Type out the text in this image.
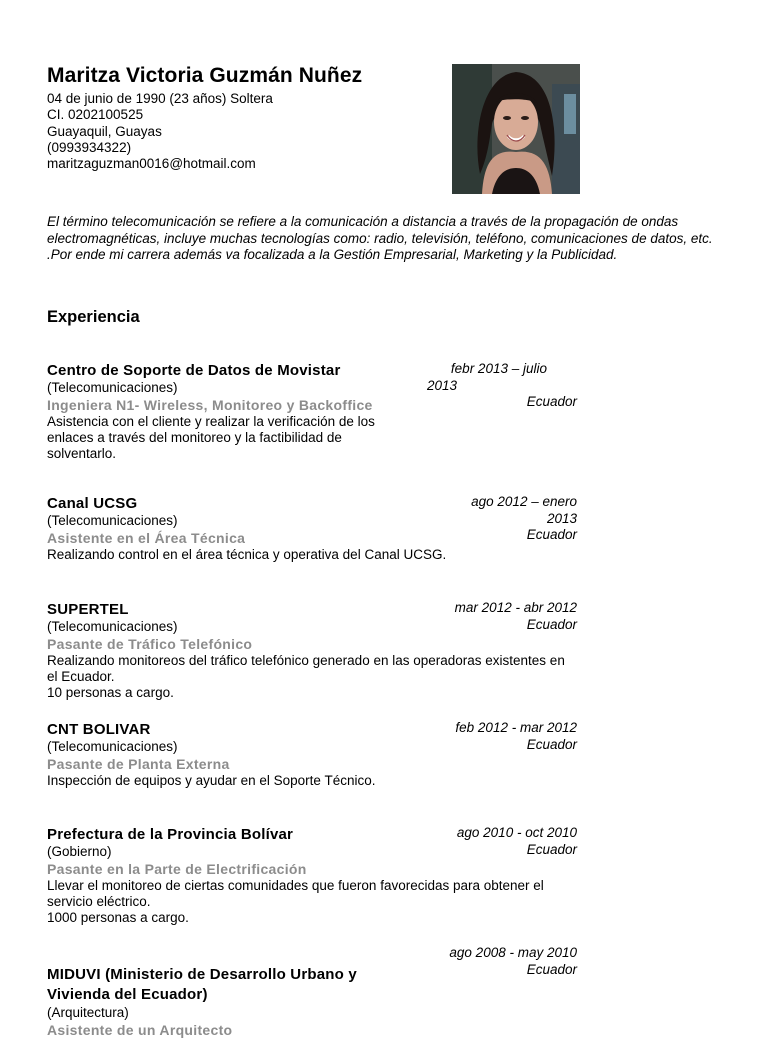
Maritza Victoria Guzmán Nuñez
04 de junio de 1990 (23 años) Soltera
CI. 0202100525
Guayaquil, Guayas
(0993934322)
maritzaguzman0016@hotmail.com
El término telecomunicación se refiere a la comunicación a distancia a través de la propagación de ondas electromagnéticas, incluye muchas tecnologías como: radio, televisión, teléfono, comunicaciones de datos, etc. .Por ende mi carrera además va focalizada a la Gestión Empresarial, Marketing y la Publicidad.
Experiencia
Centro de Soporte de Datos de Movistar
(Telecomunicaciones)
Ingeniera N1- Wireless, Monitoreo y Backoffice
Asistencia con el cliente y realizar la verificación de los enlaces a través del monitoreo y la factibilidad de solventarlo.
febr 2013 – julio
2013
Ecuador
Canal UCSG
(Telecomunicaciones)
Asistente en el Área Técnica
Realizando control en el área técnica y operativa del Canal UCSG.
ago 2012 – enero
2013
Ecuador
SUPERTEL
(Telecomunicaciones)
Pasante de Tráfico Telefónico
Realizando monitoreos del tráfico telefónico generado en las operadoras existentes en el Ecuador.
10 personas a cargo.
mar 2012 - abr 2012
Ecuador
CNT BOLIVAR
(Telecomunicaciones)
Pasante de Planta Externa
Inspección de equipos y ayudar en el Soporte Técnico.
feb 2012 - mar 2012
Ecuador
Prefectura de la Provincia Bolívar
(Gobierno)
Pasante en la Parte de Electrificación
Llevar el monitoreo de ciertas comunidades que fueron favorecidas para obtener el servicio eléctrico.
1000 personas a cargo.
ago 2010 - oct 2010
Ecuador
ago 2008 - may 2010
Ecuador
MIDUVI (Ministerio de Desarrollo Urbano y Vivienda del Ecuador)
(Arquitectura)
Asistente de un Arquitecto
